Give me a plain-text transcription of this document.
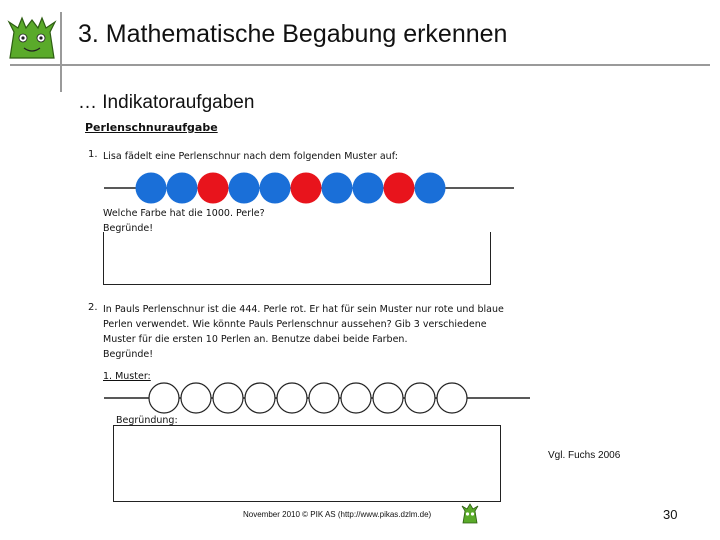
3. Mathematische Begabung erkennen
… Indikatoraufgaben
Perlenschnuraufgabe
1. Lisa fädelt eine Perlenschnur nach dem folgenden Muster auf:
Welche Farbe hat die 1000. Perle?
Begründe!
2. In Pauls Perlenschnur ist die 444. Perle rot. Er hat für sein Muster nur rote und blaue Perlen verwendet. Wie könnte Pauls Perlenschnur aussehen? Gib 3 verschiedene Muster für die ersten 10 Perlen an. Benutze dabei beide Farben.
Begründe!
1. Muster:
Begründung:
Vgl. Fuchs 2006
November 2010 © PIK AS (http://www.pikas.dzlm.de)	30
